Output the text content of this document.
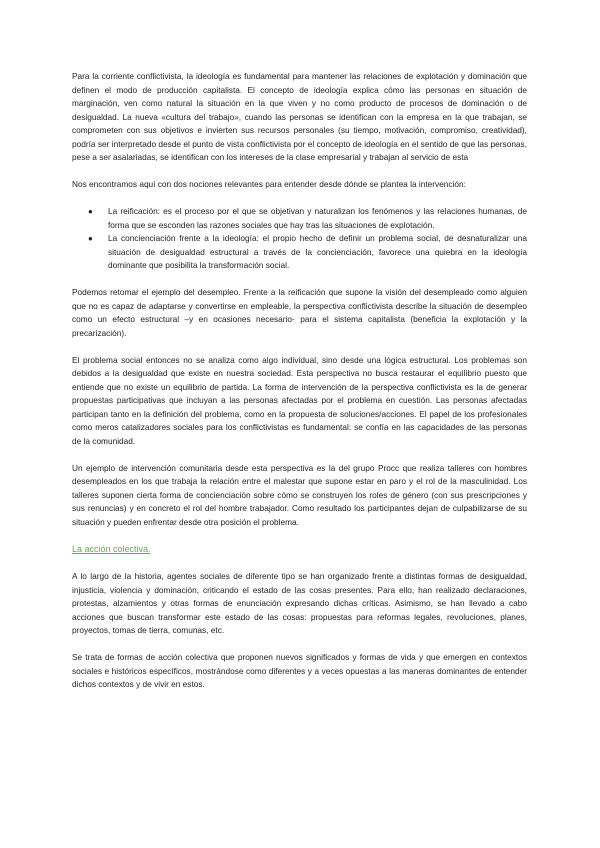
Para la corriente conflictivista, la ideología es fundamental para mantener las relaciones de explotación y dominación que definen el modo de producción capitalista. El concepto de ideología explica cómo las personas en situación de marginación, ven como natural la situación en la que viven y no como producto de procesos de dominación o de desigualdad. La nueva «cultura del trabajo», cuando las personas se identifican con la empresa en la que trabajan, se comprometen con sus objetivos e invierten sus recursos personales (su tiempo, motivación, compromiso, creatividad), podría ser interpretado desde el punto de vista conflictivista por el concepto de ideología en el sentido de que las personas, pese a ser asalariadas, se identifican con los intereses de la clase empresarial y trabajan al servicio de esta

Nos encontramos aquí con dos nociones relevantes para entender desde dónde se plantea la intervención:

● La reificación: es el proceso por el que se objetivan y naturalizan los fenómenos y las relaciones humanas, de forma que se esconden las razones sociales que hay tras las situaciones de explotación.
● La concienciación frente a la ideología: el propio hecho de definir un problema social, de desnaturalizar una situación de desigualdad estructural a través de la concienciación, favorece una quiebra en la ideología dominante que posibilita la transformación social.

Podemos retomar el ejemplo del desempleo. Frente a la reificación que supone la visión del desempleado como alguien que no es capaz de adaptarse y convertirse en empleable, la perspectiva conflictivista describe la situación de desempleo como un efecto estructural –y en ocasiones necesario- para el sistema capitalista (beneficia la explotación y la precarización).

El problema social entonces no se analiza como algo individual, sino desde una lógica estructural. Los problemas son debidos a la desigualdad que existe en nuestra sociedad. Esta perspectiva no busca restaurar el equilibrio puesto que entiende que no existe un equilibrio de partida. La forma de intervención de la perspectiva conflictivista es la de generar propuestas participativas que incluyan a las personas afectadas por el problema en cuestión. Las personas afectadas participan tanto en la definición del problema, como en la propuesta de soluciones/acciones. El papel de los profesionales como meros catalizadores sociales para los conflictivistas es fundamental: se confía en las capacidades de las personas de la comunidad.

Un ejemplo de intervención comunitaria desde esta perspectiva es la del grupo Procc que realiza talleres con hombres desempleados en los que trabaja la relación entre el malestar que supone estar en paro y el rol de la masculinidad. Los talleres suponen cierta forma de concienciación sobre cómo se construyen los roles de género (con sus prescripciones y sus renuncias) y en concreto el rol del hombre trabajador. Como resultado los participantes dejan de culpabilizarse de su situación y pueden enfrentar desde otra posición el problema.

La acción colectiva.

A lo largo de la historia, agentes sociales de diferente tipo se han organizado frente a distintas formas de desigualdad, injusticia, violencia y dominación, criticando el estado de las cosas presentes. Para ello, han realizado declaraciones, protestas, alzamientos y otras formas de enunciación expresando dichas críticas. Asimismo, se han llevado a cabo acciones que buscan transformar este estado de las cosas: propuestas para reformas legales, revoluciones, planes, proyectos, tomas de tierra, comunas, etc.

Se trata de formas de acción colectiva que proponen nuevos significados y formas de vida y que emergen en contextos sociales e históricos específicos, mostrándose como diferentes y a veces opuestas a las maneras dominantes de entender dichos contextos y de vivir en estos.
